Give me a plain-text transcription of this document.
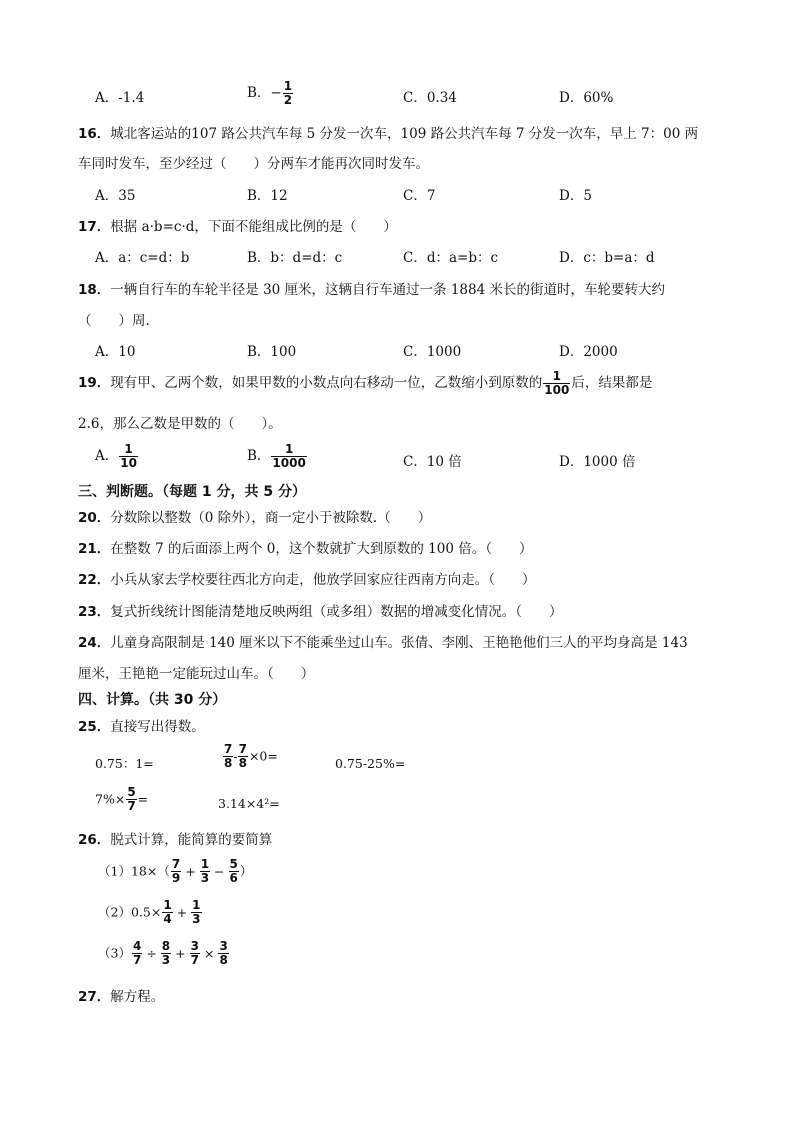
A．-1.4	B．− $\frac{1}{2}$	C．0.34	D．60%
16．城北客运站的107 路公共汽车每 5 分发一次车，109 路公共汽车每 7 分发一次车，早上 7：00 两
车同时发车，至少经过（　　）分两车才能再次同时发车。
A．35	B．12	C．7	D．5
17．根据 a·b=c·d，下面不能组成比例的是（　　）
A．a：c=d：b	B．b：d=d：c	C．d：a=b：c	D．c：b=a：d
18．一辆自行车的车轮半径是 30 厘米，这辆自行车通过一条 1884 米长的街道时，车轮要转大约
（　　）周.
A．10	B．100	C．1000	D．2000
19．现有甲、乙两个数，如果甲数的小数点向右移动一位，乙数缩小到原数的 $\frac{1}{100}$ 后，结果都是
2.6，那么乙数是甲数的（　　）。
A． $\frac{1}{10}$	B． $\frac{1}{1000}$	C．10 倍	D．1000 倍
三、判断题。（每题 1 分，共 5 分）
20．分数除以整数（0 除外），商一定小于被除数.（　　）
21．在整数 7 的后面添上两个 0，这个数就扩大到原数的 100 倍。（　　）
22．小兵从家去学校要往西北方向走，他放学回家应往西南方向走。（　　）
23．复式折线统计图能清楚地反映两组（或多组）数据的增减变化情况。（　　）
24．儿童身高限制是 140 厘米以下不能乘坐过山车。张倩、李刚、王艳艳他们三人的平均身高是 143
厘米，王艳艳一定能玩过山车。（　　）
四、计算。（共 30 分）
25．直接写出得数。
0.75：1=	$\frac{7}{8} - \frac{7}{8} \times 0=$	0.75-25%=
$7\%\times \frac{5}{7}$ =	3.14×4²=
26．脱式计算，能简算的要简算
$(1)18\times( \frac{7}{9} + \frac{1}{3} - \frac{5}{6}$ ）
$(2)0.5\times \frac{1}{4} + \frac{1}{3}$
$(3) \frac{4}{7} \div \frac{8}{3} + \frac{3}{7} \times \frac{3}{8}$
27．解方程。
